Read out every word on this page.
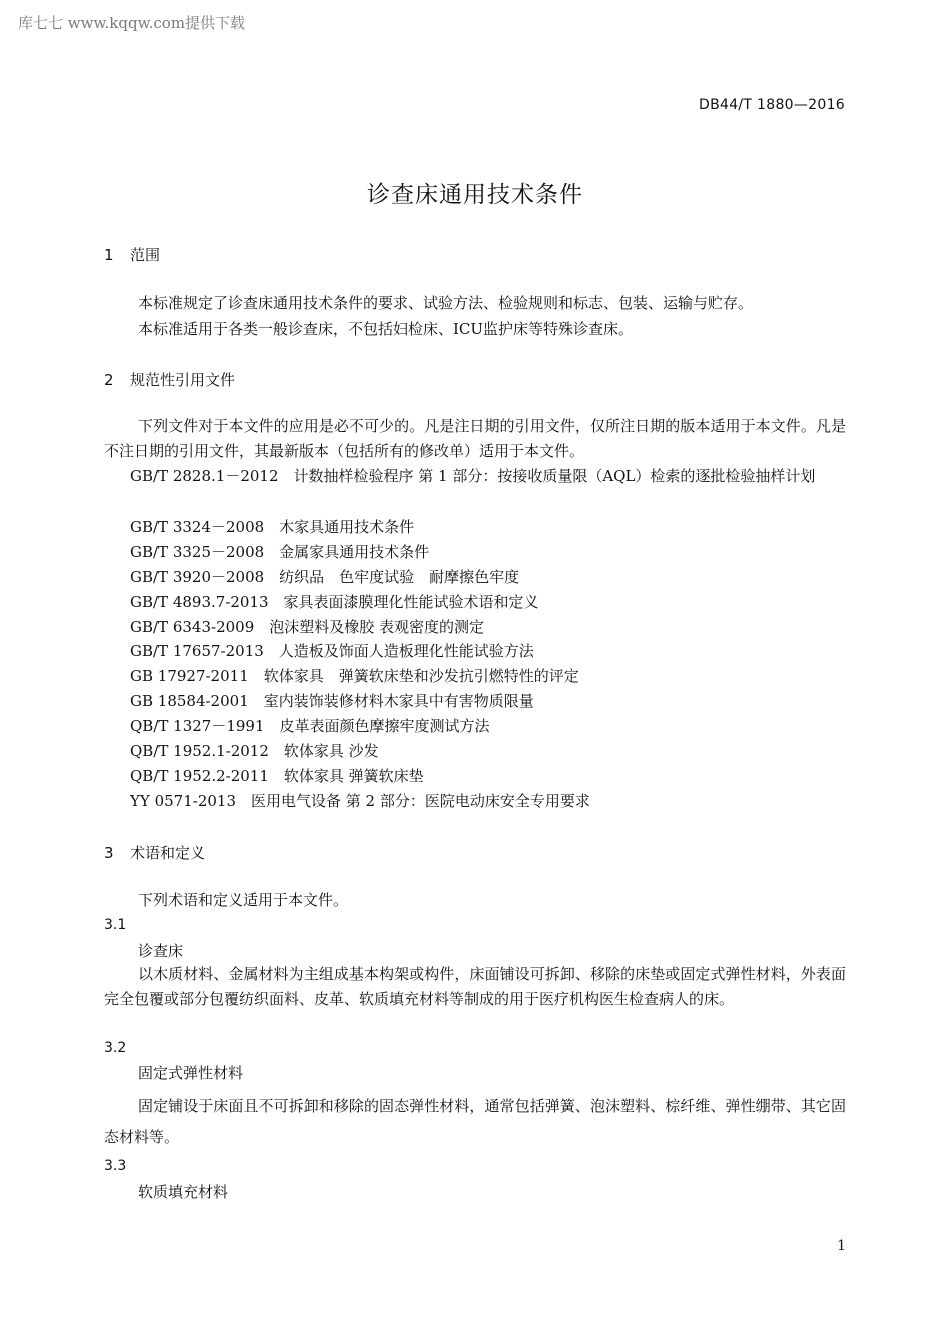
库七七 www.kqqw.com提供下载
DB44/T 1880—2016
诊查床通用技术条件
1 范围
本标准规定了诊查床通用技术条件的要求、试验方法、检验规则和标志、包装、运输与贮存。
本标准适用于各类一般诊查床，不包括妇检床、ICU监护床等特殊诊查床。
2 规范性引用文件
下列文件对于本文件的应用是必不可少的。凡是注日期的引用文件，仅所注日期的版本适用于本文件。凡是不注日期的引用文件，其最新版本（包括所有的修改单）适用于本文件。
GB/T 2828.1－2012　计数抽样检验程序 第 1 部分：按接收质量限（AQL）检索的逐批检验抽样计划
GB/T 3324－2008　木家具通用技术条件
GB/T 3325－2008　金属家具通用技术条件
GB/T 3920－2008　纺织品　色牢度试验　耐摩擦色牢度
GB/T 4893.7-2013　家具表面漆膜理化性能试验术语和定义
GB/T 6343-2009　泡沫塑料及橡胶 表观密度的测定
GB/T 17657-2013　人造板及饰面人造板理化性能试验方法
GB 17927-2011　软体家具　弹簧软床垫和沙发抗引燃特性的评定
GB 18584-2001　室内装饰装修材料木家具中有害物质限量
QB/T 1327－1991　皮革表面颜色摩擦牢度测试方法
QB/T 1952.1-2012　软体家具 沙发
QB/T 1952.2-2011　软体家具 弹簧软床垫
YY 0571-2013　医用电气设备 第 2 部分：医院电动床安全专用要求
3 术语和定义
下列术语和定义适用于本文件。
3.1
诊查床
以木质材料、金属材料为主组成基本构架或构件，床面铺设可拆卸、移除的床垫或固定式弹性材料，外表面完全包覆或部分包覆纺织面料、皮革、软质填充材料等制成的用于医疗机构医生检查病人的床。
3.2
固定式弹性材料
固定铺设于床面且不可拆卸和移除的固态弹性材料，通常包括弹簧、泡沫塑料、棕纤维、弹性绷带、其它固态材料等。
3.3
软质填充材料
1
